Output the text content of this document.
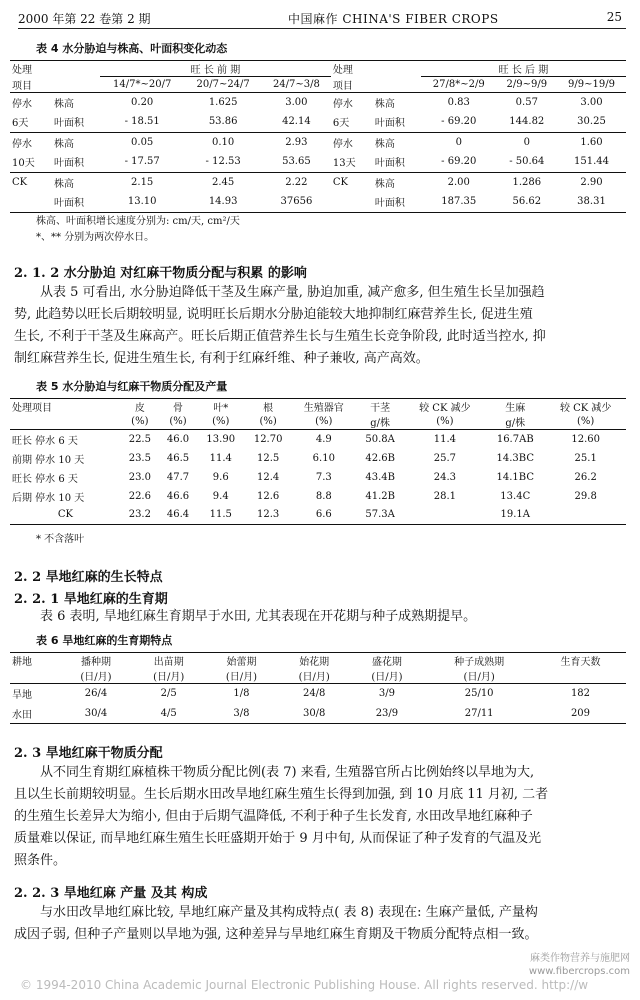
2000 年第 22 卷第 2 期	中国麻作 CHINA'S FIBER CROPS	25
表 4 水分胁迫与株高、叶面积变化动态
处理		旺 长 前 期			处理		旺 长 后 期		
项目		14/7*~20/7	20/7~24/7	24/7~3/8	项目		27/8*~2/9	2/9~9/9	9/9~19/9
停水	株高	0.20	1.625	3.00	停水	株高	0.83	0.57	3.00
6天	叶面积	- 18.51	53.86	42.14	6天	叶面积	- 69.20	144.82	30.25
停水	株高	0.05	0.10	2.93	停水	株高	0	0	1.60
10天	叶面积	- 17.57	- 12.53	53.65	13天	叶面积	- 69.20	- 50.64	151.44
CK	株高	2.15	2.45	2.22	CK	株高	2.00	1.286	2.90
	叶面积	13.10	14.93	37656		叶面积	187.35	56.62	38.31
株高、叶面积增长速度分别为: cm/天, cm²/天
*、** 分别为两次停水日。
2. 1. 2 水分胁迫 对红麻干物质分配与积累 的影响
从表 5 可看出, 水分胁迫降低干茎及生麻产量, 胁迫加重, 减产愈多, 但生殖生长呈加强趋
势, 此趋势以旺长后期较明显, 说明旺长后期水分胁迫能较大地抑制红麻营养生长, 促进生殖
生长, 不利于干茎及生麻高产。旺长后期正值营养生长与生殖生长竞争阶段, 此时适当控水, 抑
制红麻营养生长, 促进生殖生长, 有利于红麻纤维、种子兼收, 高产高效。
表 5 水分胁迫与红麻干物质分配及产量
处理项目	皮	骨	叶*	根	生殖器官	干茎	较 CK 减少	生麻	较 CK 减少
	(%)	(%)	(%)	(%)	(%)	g/株	(%)	g/株	(%)
旺长 停水 6 天	22.5	46.0	13.90	12.70	4.9	50.8A	11.4	16.7AB	12.60
前期 停水 10 天	23.5	46.5	11.4	12.5	6.10	42.6B	25.7	14.3BC	25.1
旺长 停水 6 天	23.0	47.7	9.6	12.4	7.3	43.4B	24.3	14.1BC	26.2
后期 停水 10 天	22.6	46.6	9.4	12.6	8.8	41.2B	28.1	13.4C	29.8
CK	23.2	46.4	11.5	12.3	6.6	57.3A		19.1A	
* 不含落叶
2. 2 旱地红麻的生长特点
2. 2. 1 旱地红麻的生育期
表 6 表明, 旱地红麻生育期早于水田, 尤其表现在开花期与种子成熟期提早。
表 6 旱地红麻的生育期特点
耕地	播种期	出苗期	始蕾期	始花期	盛花期	种子成熟期	生育天数
	(日/月)	(日/月)	(日/月)	(日/月)	(日/月)	(日/月)	
旱地	26/4	2/5	1/8	24/8	3/9	25/10	182
水田	30/4	4/5	3/8	30/8	23/9	27/11	209
2. 3 旱地红麻干物质分配
从不同生育期红麻植株干物质分配比例(表 7) 来看, 生殖器官所占比例始终以旱地为大,
且以生长前期较明显。生长后期水田改旱地红麻生殖生长得到加强, 到 10 月底 11 月初, 二者
的生殖生长差异大为缩小, 但由于后期气温降低, 不利于种子生长发育, 水田改旱地红麻种子
质量难以保证, 而旱地红麻生殖生长旺盛期开始于 9 月中旬, 从而保证了种子发育的气温及光
照条件。
2. 2. 3 旱地红麻 产量 及其 构成
与水田改旱地红麻比较, 旱地红麻产量及其构成特点( 表 8) 表现在: 生麻产量低, 产量构
成因子弱, 但种子产量则以旱地为强, 这种差异与旱地红麻生育期及干物质分配特点相一致。
© 1994-2010 China Academic Journal Electronic Publishing House. All rights reserved. http://w
麻类作物营养与施肥网
www.fibercrops.com
